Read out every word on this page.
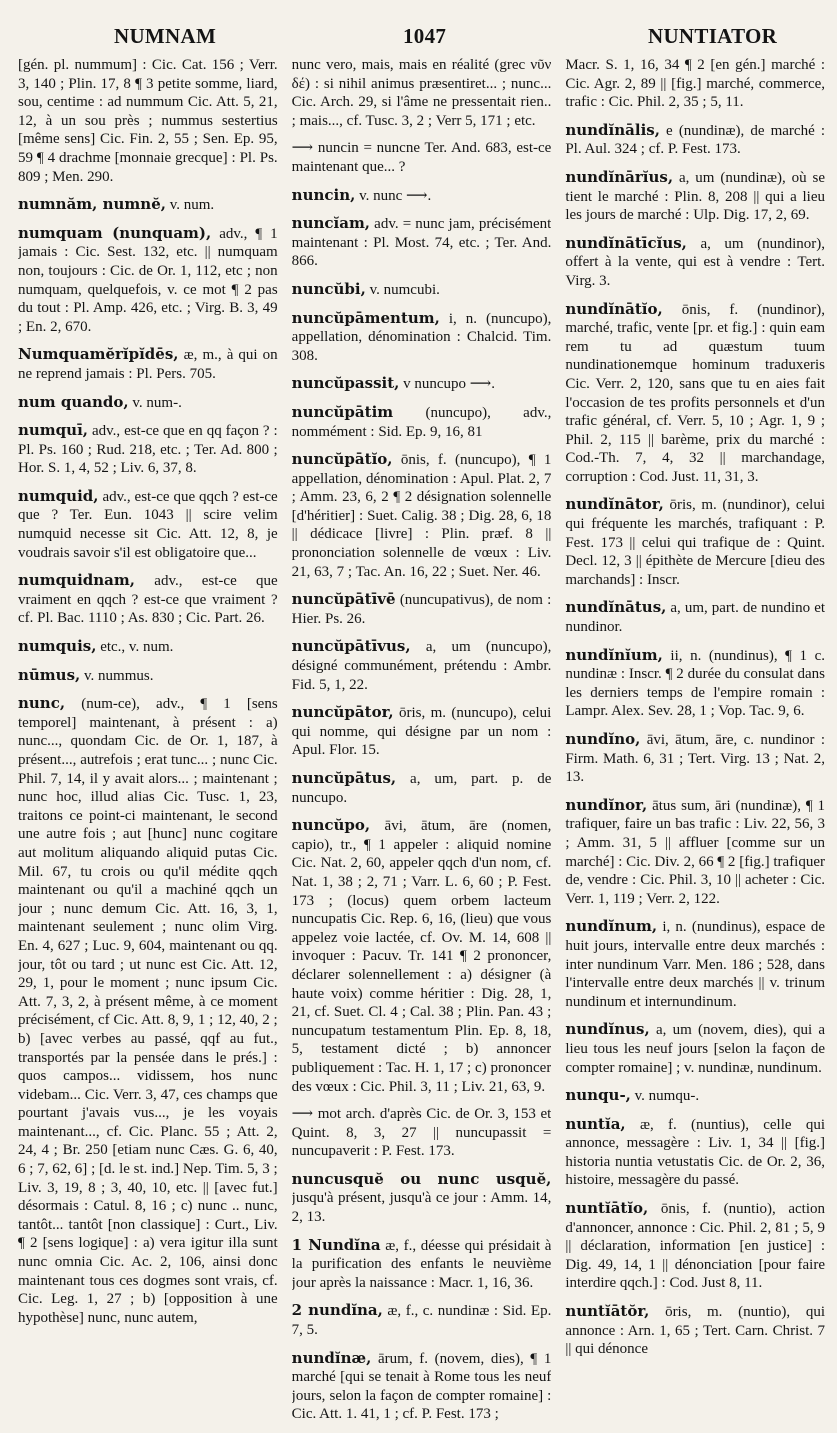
NUMNAM	1047	NUNTIATOR

[gén. pl. nummum] : Cic. Cat. 156 ; Verr. 3, 140 ; Plin. 17, 8 ¶ 3 petite somme, liard, sou, centime : ad nummum Cic. Att. 5, 21, 12, à un sou près ; nummus sestertius [même sens] Cic. Fin. 2, 55 ; Sen. Ep. 95, 59 ¶ 4 drachme [monnaie grecque] : Pl. Ps. 809 ; Men. 290.

numnăm, numnĕ, v. num.

numquam (nunquam), adv., ¶ 1 jamais : Cic. Sest. 132, etc. || numquam non, toujours : Cic. de Or. 1, 112, etc ; non numquam, quelquefois, v. ce mot ¶ 2 pas du tout : Pl. Amp. 426, etc. ; Virg. B. 3, 49 ; En. 2, 670.

Numquamĕrĭpĭdēs, æ, m., à qui on ne reprend jamais : Pl. Pers. 705.

num quando, v. num-.

numquī, adv., est-ce que en qq façon ? : Pl. Ps. 160 ; Rud. 218, etc. ; Ter. Ad. 800 ; Hor. S. 1, 4, 52 ; Liv. 6, 37, 8.

numquid, adv., est-ce que qqch ? est-ce que ? Ter. Eun. 1043 || scire velim numquid necesse sit Cic. Att. 12, 8, je voudrais savoir s'il est obligatoire que...

numquidnam, adv., est-ce que vraiment en qqch ? est-ce que vraiment ? cf. Pl. Bac. 1110 ; As. 830 ; Cic. Part. 26.

numquis, etc., v. num.

nūmus, v. nummus.

nunc, (num-ce), adv., ¶ 1 [sens temporel] maintenant, à présent : a) nunc..., quondam Cic. de Or. 1, 187, à présent..., autrefois ; erat tunc... ; nunc Cic. Phil. 7, 14, il y avait alors... ; maintenant ; nunc hoc, illud alias Cic. Tusc. 1, 23, traitons ce point-ci maintenant, le second une autre fois ; aut [hunc] nunc cogitare aut molitum aliquando aliquid putas Cic. Mil. 67, tu crois ou qu'il médite qqch maintenant ou qu'il a machiné qqch un jour ; nunc demum Cic. Att. 16, 3, 1, maintenant seulement ; nunc olim Virg. En. 4, 627 ; Luc. 9, 604, maintenant ou qq. jour, tôt ou tard ; ut nunc est Cic. Att. 12, 29, 1, pour le moment ; nunc ipsum Cic. Att. 7, 3, 2, à présent même, à ce moment précisément, cf Cic. Att. 8, 9, 1 ; 12, 40, 2 ; b) [avec verbes au passé, qqf au fut., transportés par la pensée dans le prés.] : quos campos... vidissem, hos nunc videbam... Cic. Verr. 3, 47, ces champs que pourtant j'avais vus..., je les voyais maintenant..., cf. Cic. Planc. 55 ; Att. 2, 24, 4 ; Br. 250 [etiam nunc Cæs. G. 6, 40, 6 ; 7, 62, 6] ; [d. le st. ind.] Nep. Tim. 5, 3 ; Liv. 3, 19, 8 ; 3, 40, 10, etc. || [avec fut.] désormais : Catul. 8, 16 ; c) nunc .. nunc, tantôt... tantôt [non classique] : Curt., Liv. ¶ 2 [sens logique] : a) vera igitur illa sunt nunc omnia Cic. Ac. 2, 106, ainsi donc maintenant tous ces dogmes sont vrais, cf. Cic. Leg. 1, 27 ; b) [opposition à une hypothèse] nunc, nunc autem,

nunc vero, mais, mais en réalité (grec νῦν δέ) : si nihil animus præsentiret... ; nunc... Cic. Arch. 29, si l'âme ne pressentait rien.. ; mais..., cf. Tusc. 3, 2 ; Verr 5, 171 ; etc.

⟶ nuncin = nuncne Ter. And. 683, est-ce maintenant que... ?

nuncin, v. nunc ⟶.

nuncĭam, adv. = nunc jam, précisément maintenant : Pl. Most. 74, etc. ; Ter. And. 866.

nuncŭbi, v. numcubi.

nuncŭpāmentum, i, n. (nuncupo), appellation, dénomination : Chalcid. Tim. 308.

nuncŭpassit, v nuncupo ⟶.

nuncŭpātim (nuncupo), adv., nommément : Sid. Ep. 9, 16, 81

nuncŭpātĭo, ōnis, f. (nuncupo), ¶ 1 appellation, dénomination : Apul. Plat. 2, 7 ; Amm. 23, 6, 2 ¶ 2 désignation solennelle [d'héritier] : Suet. Calig. 38 ; Dig. 28, 6, 18 || dédicace [livre] : Plin. præf. 8 || prononciation solennelle de vœux : Liv. 21, 63, 7 ; Tac. An. 16, 22 ; Suet. Ner. 46.

nuncŭpātīvē (nuncupativus), de nom : Hier. Ps. 26.

nuncŭpātīvus, a, um (nuncupo), désigné communément, prétendu : Ambr. Fid. 5, 1, 22.

nuncŭpātor, ōris, m. (nuncupo), celui qui nomme, qui désigne par un nom : Apul. Flor. 15.

nuncŭpātus, a, um, part. p. de nuncupo.

nuncŭpo, āvi, ātum, āre (nomen, capio), tr., ¶ 1 appeler : aliquid nomine Cic. Nat. 2, 60, appeler qqch d'un nom, cf. Nat. 1, 38 ; 2, 71 ; Varr. L. 6, 60 ; P. Fest. 173 ; (locus) quem orbem lacteum nuncupatis Cic. Rep. 6, 16, (lieu) que vous appelez voie lactée, cf. Ov. M. 14, 608 || invoquer : Pacuv. Tr. 141 ¶ 2 prononcer, déclarer solennellement : a) désigner (à haute voix) comme héritier : Dig. 28, 1, 21, cf. Suet. Cl. 4 ; Cal. 38 ; Plin. Pan. 43 ; nuncupatum testamentum Plin. Ep. 8, 18, 5, testament dicté ; b) annoncer publiquement : Tac. H. 1, 17 ; c) prononcer des vœux : Cic. Phil. 3, 11 ; Liv. 21, 63, 9.

⟶ mot arch. d'après Cic. de Or. 3, 153 et Quint. 8, 3, 27 || nuncupassit = nuncupaverit : P. Fest. 173.

nuncusquĕ ou nunc usquĕ, jusqu'à présent, jusqu'à ce jour : Amm. 14, 2, 13.

1 Nundĭna æ, f., déesse qui présidait à la purification des enfants le neuvième jour après la naissance : Macr. 1, 16, 36.

2 nundĭna, æ, f., c. nundinæ : Sid. Ep. 7, 5.

nundĭnæ, ārum, f. (novem, dies), ¶ 1 marché [qui se tenait à Rome tous les neuf jours, selon la façon de compter romaine] : Cic. Att. 1. 41, 1 ; cf. P. Fest. 173 ;

Macr. S. 1, 16, 34 ¶ 2 [en gén.] marché : Cic. Agr. 2, 89 || [fig.] marché, commerce, trafic : Cic. Phil. 2, 35 ; 5, 11.

nundĭnālis, e (nundinæ), de marché : Pl. Aul. 324 ; cf. P. Fest. 173.

nundĭnārĭus, a, um (nundinæ), où se tient le marché : Plin. 8, 208 || qui a lieu les jours de marché : Ulp. Dig. 17, 2, 69.

nundĭnātīcĭus, a, um (nundinor), offert à la vente, qui est à vendre : Tert. Virg. 3.

nundĭnātĭo, ōnis, f. (nundinor), marché, trafic, vente [pr. et fig.] : quin eam rem tu ad quæstum tuum nundinationemque hominum traduxeris Cic. Verr. 2, 120, sans que tu en aies fait l'occasion de tes profits personnels et d'un trafic général, cf. Verr. 5, 10 ; Agr. 1, 9 ; Phil. 2, 115 || barème, prix du marché : Cod.-Th. 7, 4, 32 || marchandage, corruption : Cod. Just. 11, 31, 3.

nundĭnātor, ōris, m. (nundinor), celui qui fréquente les marchés, trafiquant : P. Fest. 173 || celui qui trafique de : Quint. Decl. 12, 3 || épithète de Mercure [dieu des marchands] : Inscr.

nundĭnātus, a, um, part. de nundino et nundinor.

nundĭnĭum, ii, n. (nundinus), ¶ 1 c. nundinæ : Inscr. ¶ 2 durée du consulat dans les derniers temps de l'empire romain : Lampr. Alex. Sev. 28, 1 ; Vop. Tac. 9, 6.

nundĭno, āvi, ātum, āre, c. nundinor : Firm. Math. 6, 31 ; Tert. Virg. 13 ; Nat. 2, 13.

nundĭnor, ātus sum, āri (nundinæ), ¶ 1 trafiquer, faire un bas trafic : Liv. 22, 56, 3 ; Amm. 31, 5 || affluer [comme sur un marché] : Cic. Div. 2, 66 ¶ 2 [fig.] trafiquer de, vendre : Cic. Phil. 3, 10 || acheter : Cic. Verr. 1, 119 ; Verr. 2, 122.

nundĭnum, i, n. (nundinus), espace de huit jours, intervalle entre deux marchés : inter nundinum Varr. Men. 186 ; 528, dans l'intervalle entre deux marchés || v. trinum nundinum et internundinum.

nundĭnus, a, um (novem, dies), qui a lieu tous les neuf jours [selon la façon de compter romaine] ; v. nundinæ, nundinum.

nunqu-, v. numqu-.

nuntĭa, æ, f. (nuntius), celle qui annonce, messagère : Liv. 1, 34 || [fig.] historia nuntia vetustatis Cic. de Or. 2, 36, histoire, messagère du passé.

nuntĭātĭo, ōnis, f. (nuntio), action d'annoncer, annonce : Cic. Phil. 2, 81 ; 5, 9 || déclaration, information [en justice] : Dig. 49, 14, 1 || dénonciation [pour faire interdire qqch.] : Cod. Just 8, 11.

nuntĭātŏr, ōris, m. (nuntio), qui annonce : Arn. 1, 65 ; Tert. Carn. Christ. 7 || qui dénonce
